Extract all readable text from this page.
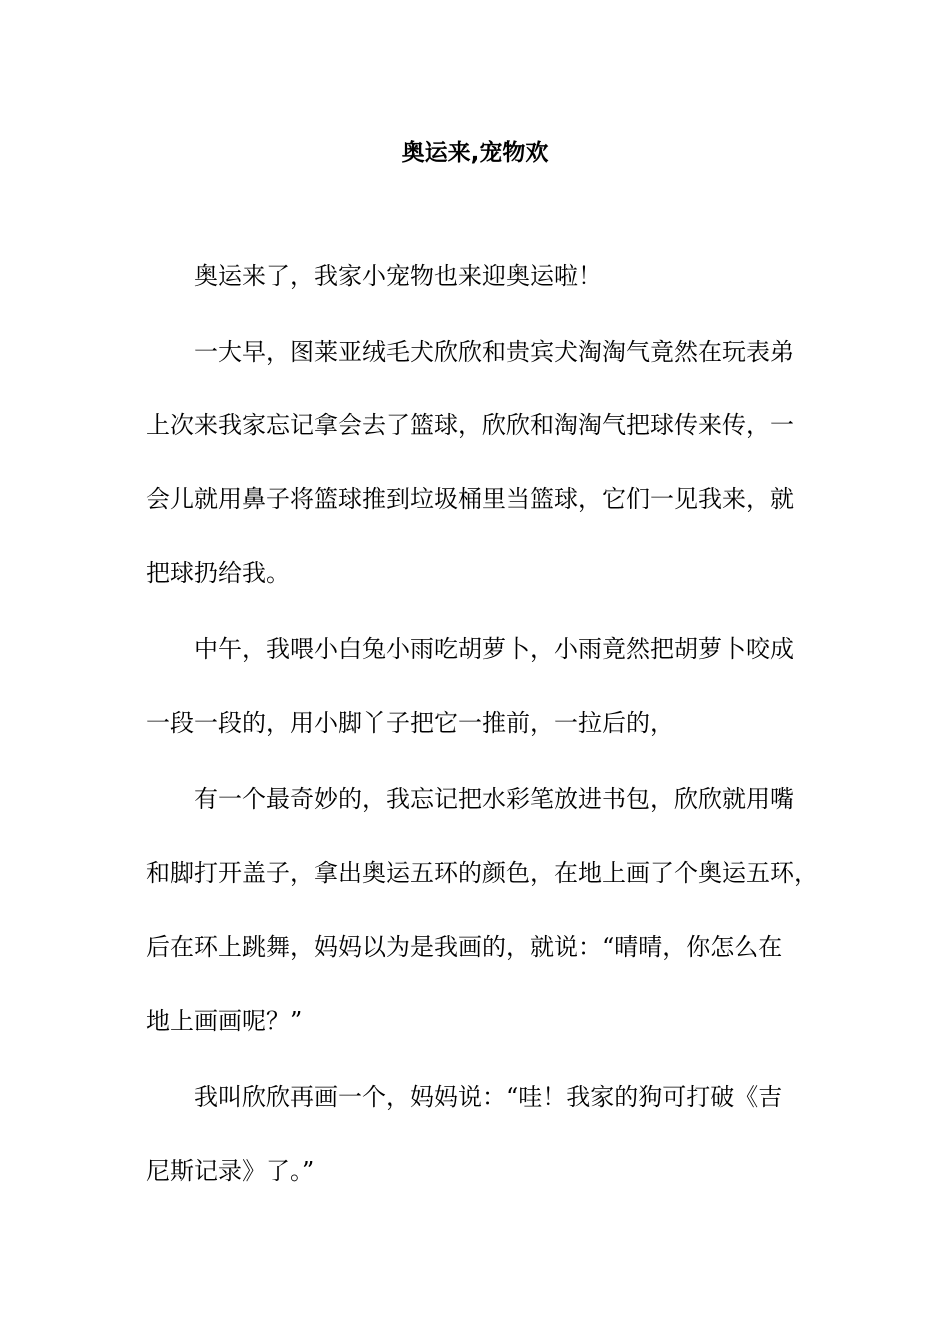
奥运来,宠物欢
奥运来了，我家小宠物也来迎奥运啦！
一大早，图莱亚绒毛犬欣欣和贵宾犬淘淘气竟然在玩表弟
上次来我家忘记拿会去了篮球，欣欣和淘淘气把球传来传，一
会儿就用鼻子将篮球推到垃圾桶里当篮球，它们一见我来，就
把球扔给我。
中午，我喂小白兔小雨吃胡萝卜，小雨竟然把胡萝卜咬成
一段一段的，用小脚丫子把它一推前，一拉后的，
有一个最奇妙的，我忘记把水彩笔放进书包，欣欣就用嘴
和脚打开盖子，拿出奥运五环的颜色，在地上画了个奥运五环，
后在环上跳舞，妈妈以为是我画的，就说：“晴晴，你怎么在
地上画画呢？”
我叫欣欣再画一个，妈妈说：“哇！我家的狗可打破《吉
尼斯记录》了。”
